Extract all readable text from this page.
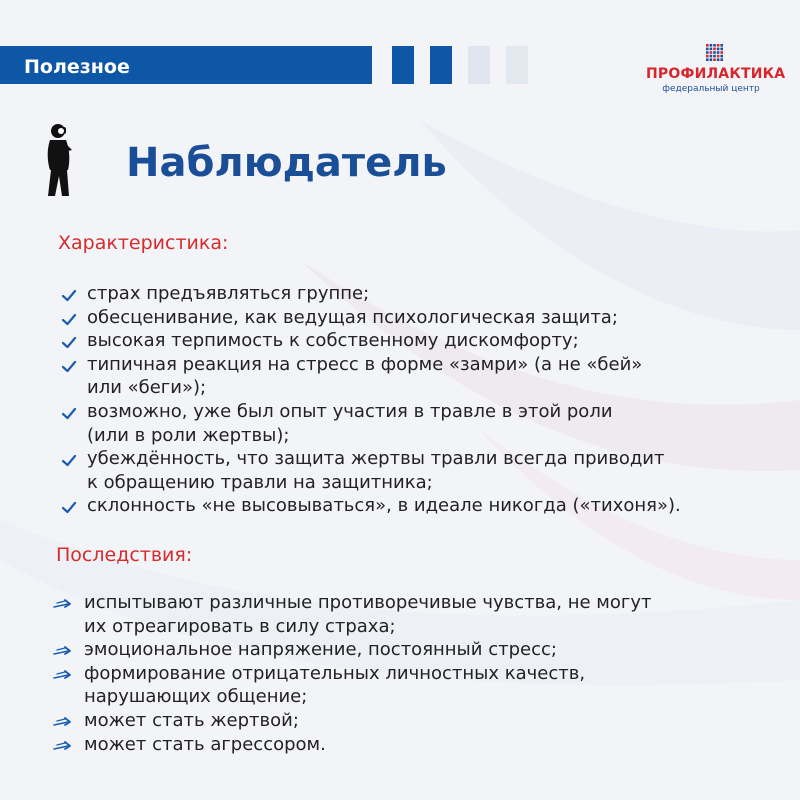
Полезное	ПРОФИЛАКТИКА
федеральный центр
Наблюдатель
Характеристика:
страх предъявляться группе;
обесценивание, как ведущая психологическая защита;
высокая терпимость к собственному дискомфорту;
типичная реакция на стресс в форме «замри» (а не «бей»
или «беги»);
возможно, уже был опыт участия в травле в этой роли
(или в роли жертвы);
убеждённость, что защита жертвы травли всегда приводит
к обращению травли на защитника;
склонность «не высовываться», в идеале никогда («тихоня»).
Последствия:
испытывают различные противоречивые чувства, не могут
их отреагировать в силу страха;
эмоциональное напряжение, постоянный стресс;
формирование отрицательных личностных качеств,
нарушающих общение;
может стать жертвой;
может стать агрессором.
